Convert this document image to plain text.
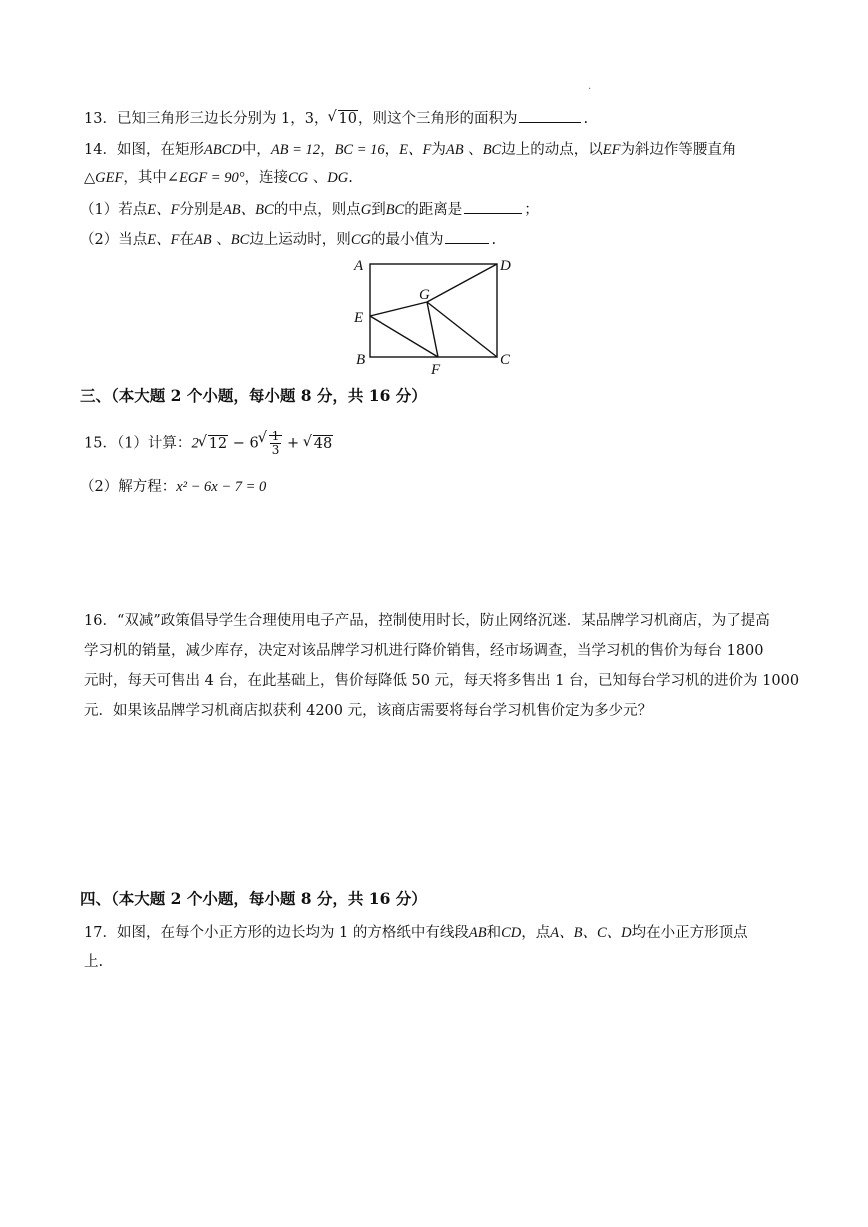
·
13．已知三角形三边长分别为 1，3， √ 10，则这个三角形的面积为	.
14．如图，在矩形ABCD中，AB = 12，BC = 16，E、F为AB 、BC边上的动点，以EF为斜边作等腰直角
△GEF，其中∠EGF = 90°，连接CG 、DG.
（1）若点E、F分别是AB、BC的中点，则点G到BC的距离是	；
（2）当点E、F在AB 、BC边上运动时，则CG的最小值为	.
A	D
G
E
B	C
F
三、（本大题 2 个小题，每小题 8 分，共 16 分）
15．（1）计算：2 √ 12 − 6 √ $\frac{1}{3}$ + √ 48
（2）解方程：x² − 6x − 7 = 0
16．“双减”政策倡导学生合理使用电子产品，控制使用时长，防止网络沉迷．某品牌学习机商店，为了提高
学习机的销量，减少库存，决定对该品牌学习机进行降价销售，经市场调查，当学习机的售价为每台 1800
元时，每天可售出 4 台，在此基础上，售价每降低 50 元，每天将多售出 1 台，已知每台学习机的进价为 1000
元．如果该品牌学习机商店拟获利 4200 元，该商店需要将每台学习机售价定为多少元？
四、（本大题 2 个小题，每小题 8 分，共 16 分）
17．如图，在每个小正方形的边长均为 1 的方格纸中有线段AB和CD，点A、B、C、D均在小正方形顶点
上.
